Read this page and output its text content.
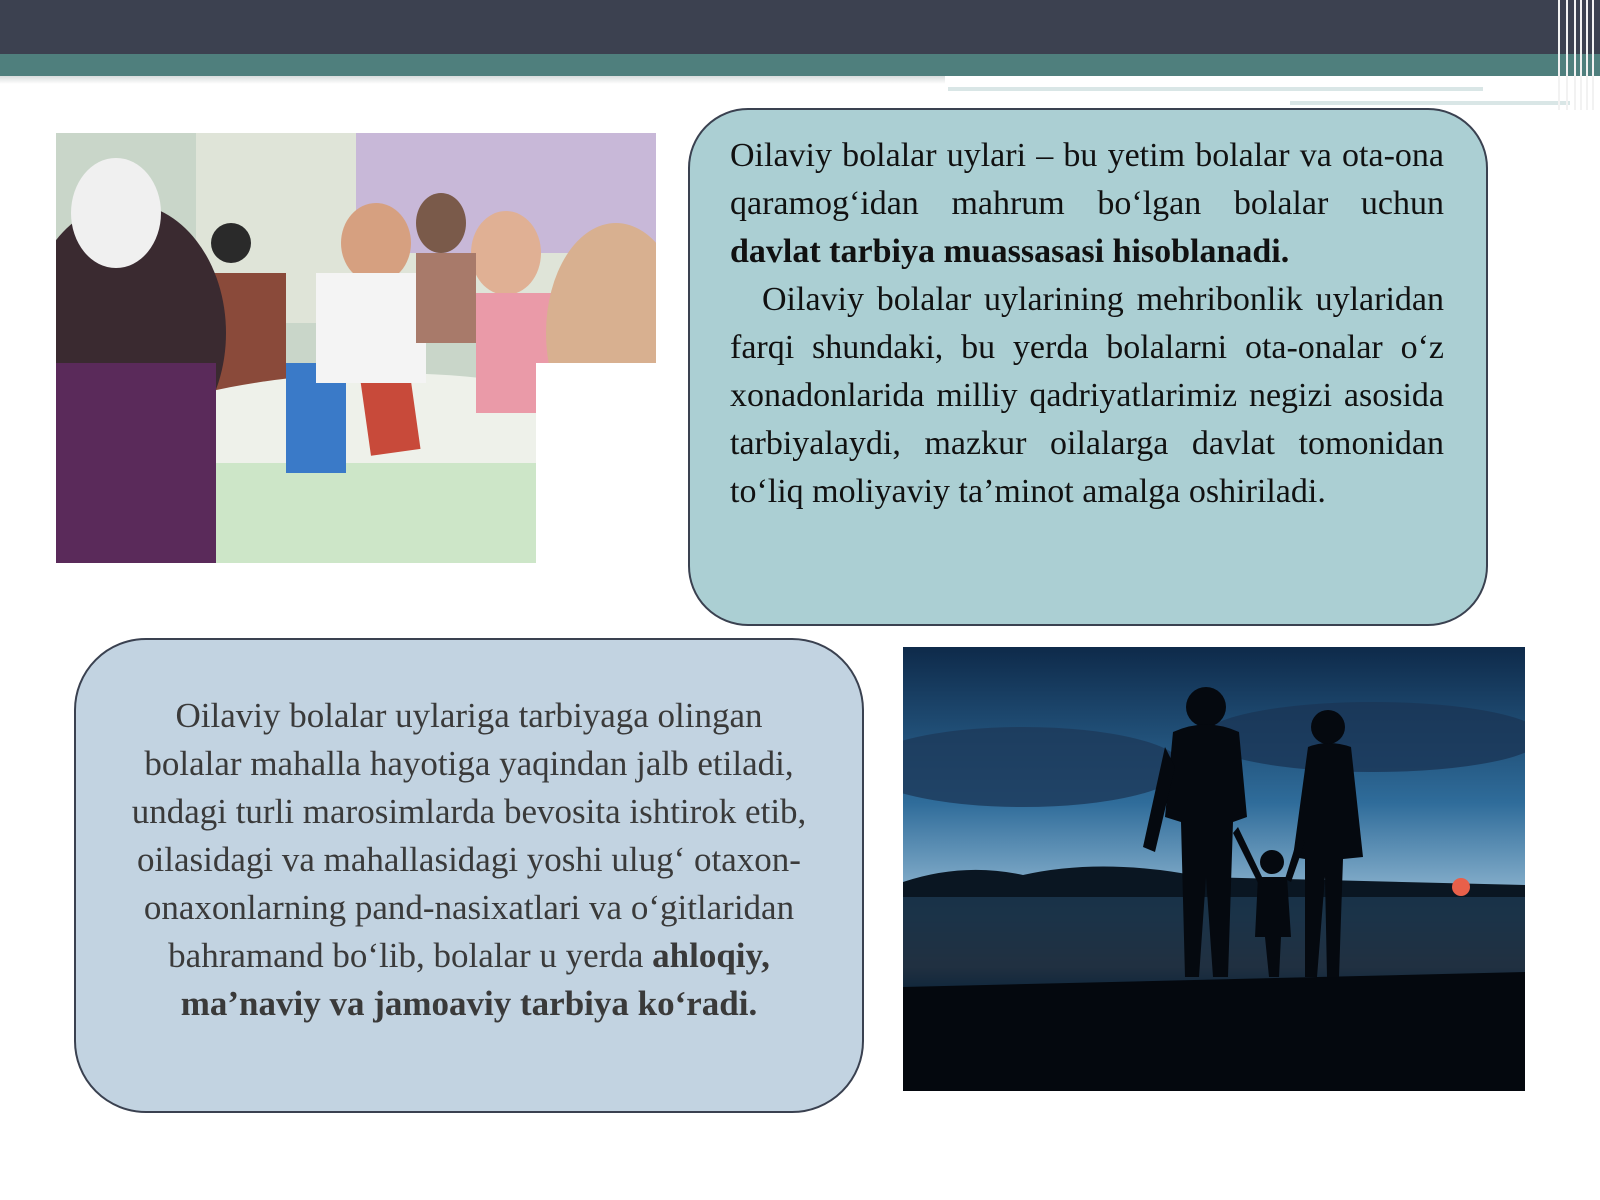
Oilaviy bolalar uylari – bu yetim bolalar va ota-ona qaramog‘idan mahrum bo‘lgan bolalar uchun davlat tarbiya muassasasi hisoblanadi.

Oilaviy bolalar uylarining mehribonlik uylaridan farqi shundaki, bu yerda bolalarni ota-onalar o‘z xonadonlarida milliy qadriyatlarimiz negizi asosida tarbiyalaydi, mazkur oilalarga davlat tomonidan to‘liq moliyaviy ta’minot amalga oshiriladi.

Oilaviy bolalar uylariga tarbiyaga olingan bolalar mahalla hayotiga yaqindan jalb etiladi, undagi turli marosimlarda bevosita ishtirok etib, oilasidagi va mahallasidagi yoshi ulug‘ otaxon-onaxonlarning pand-nasixatlari va o‘gitlaridan bahramand bo‘lib, bolalar u yerda ahloqiy, ma’naviy va jamoaviy tarbiya ko‘radi.
